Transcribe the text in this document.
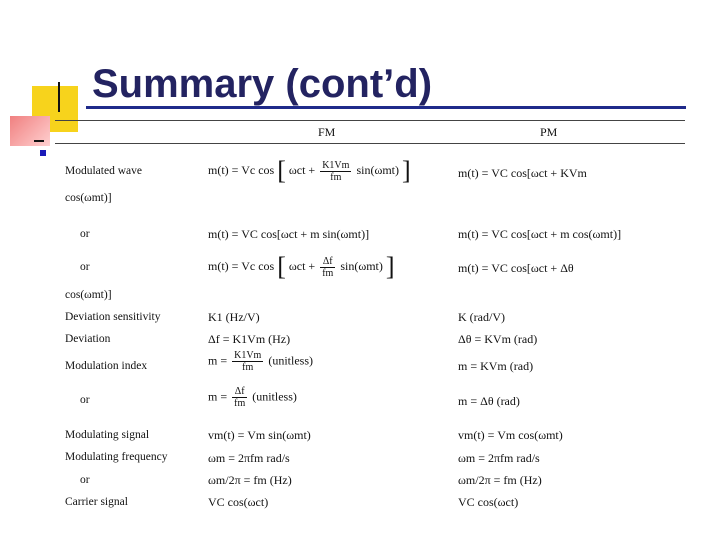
Summary (cont’d)
FM	PM
Modulated wave
cos(ωmt)]
or
or
cos(ωmt)]
Deviation sensitivity
Deviation
Modulation index
or
Modulating signal
Modulating frequency
or
Carrier signal
m(t) = Vc cos [ $\omega ct + \frac{K1Vm}{fm} \sin(\omega mt)$ ]
m(t) = VC cos[ωct + m sin(ωmt)]
m(t) = Vc cos [ $\omega ct + \frac{\Delta f}{fm} \sin(\omega mt)$ ]
K1 (Hz/V)
Δf = K1Vm (Hz)
$m = \frac{K1Vm}{fm}$ (unitless)
$m = \frac{\Delta f}{fm}$ (unitless)
vm(t) = Vm sin(ωmt)
ωm = 2πfm rad/s
ωm/2π = fm (Hz)
VC cos(ωct)
m(t) = VC cos[ωct + KVm
m(t) = VC cos[ωct + m cos(ωmt)]
m(t) = VC cos[ωct + Δθ
K (rad/V)
Δθ = KVm (rad)
m = KVm (rad)
m = Δθ (rad)
vm(t) = Vm cos(ωmt)
ωm = 2πfm rad/s
ωm/2π = fm (Hz)
VC cos(ωct)
